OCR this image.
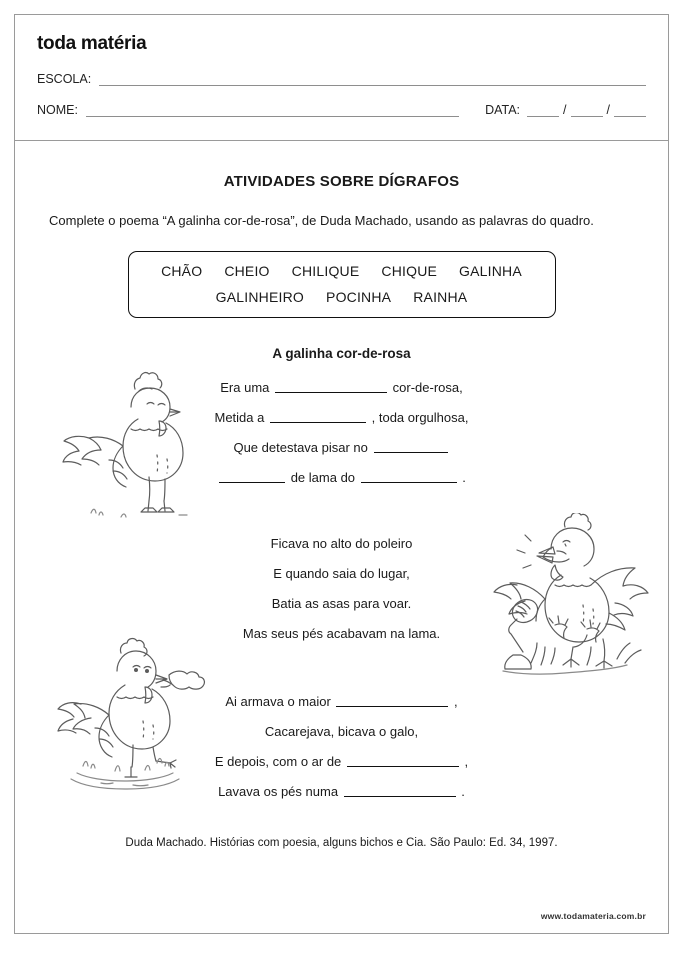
toda matéria
ESCOLA:
NOME:	DATA:	/	/
ATIVIDADES SOBRE DÍGRAFOS
Complete o poema “A galinha cor-de-rosa”, de Duda Machado, usando as palavras do quadro.
CHÃO	CHEIO	CHILIQUE	CHIQUE	GALINHA
GALINHEIRO	POCINHA	RAINHA
A galinha cor-de-rosa
Era uma	cor-de-rosa,
Metida a	, toda orgulhosa,
Que detestava pisar no
de lama do	.
Ficava no alto do poleiro
E quando saia do lugar,
Batia as asas para voar.
Mas seus pés acabavam na lama.
Ai armava o maior	,
Cacarejava, bicava o galo,
E depois, com o ar de	,
Lavava os pés numa	.
Duda Machado. Histórias com poesia, alguns bichos e Cia. São Paulo: Ed. 34, 1997.
www.todamateria.com.br
